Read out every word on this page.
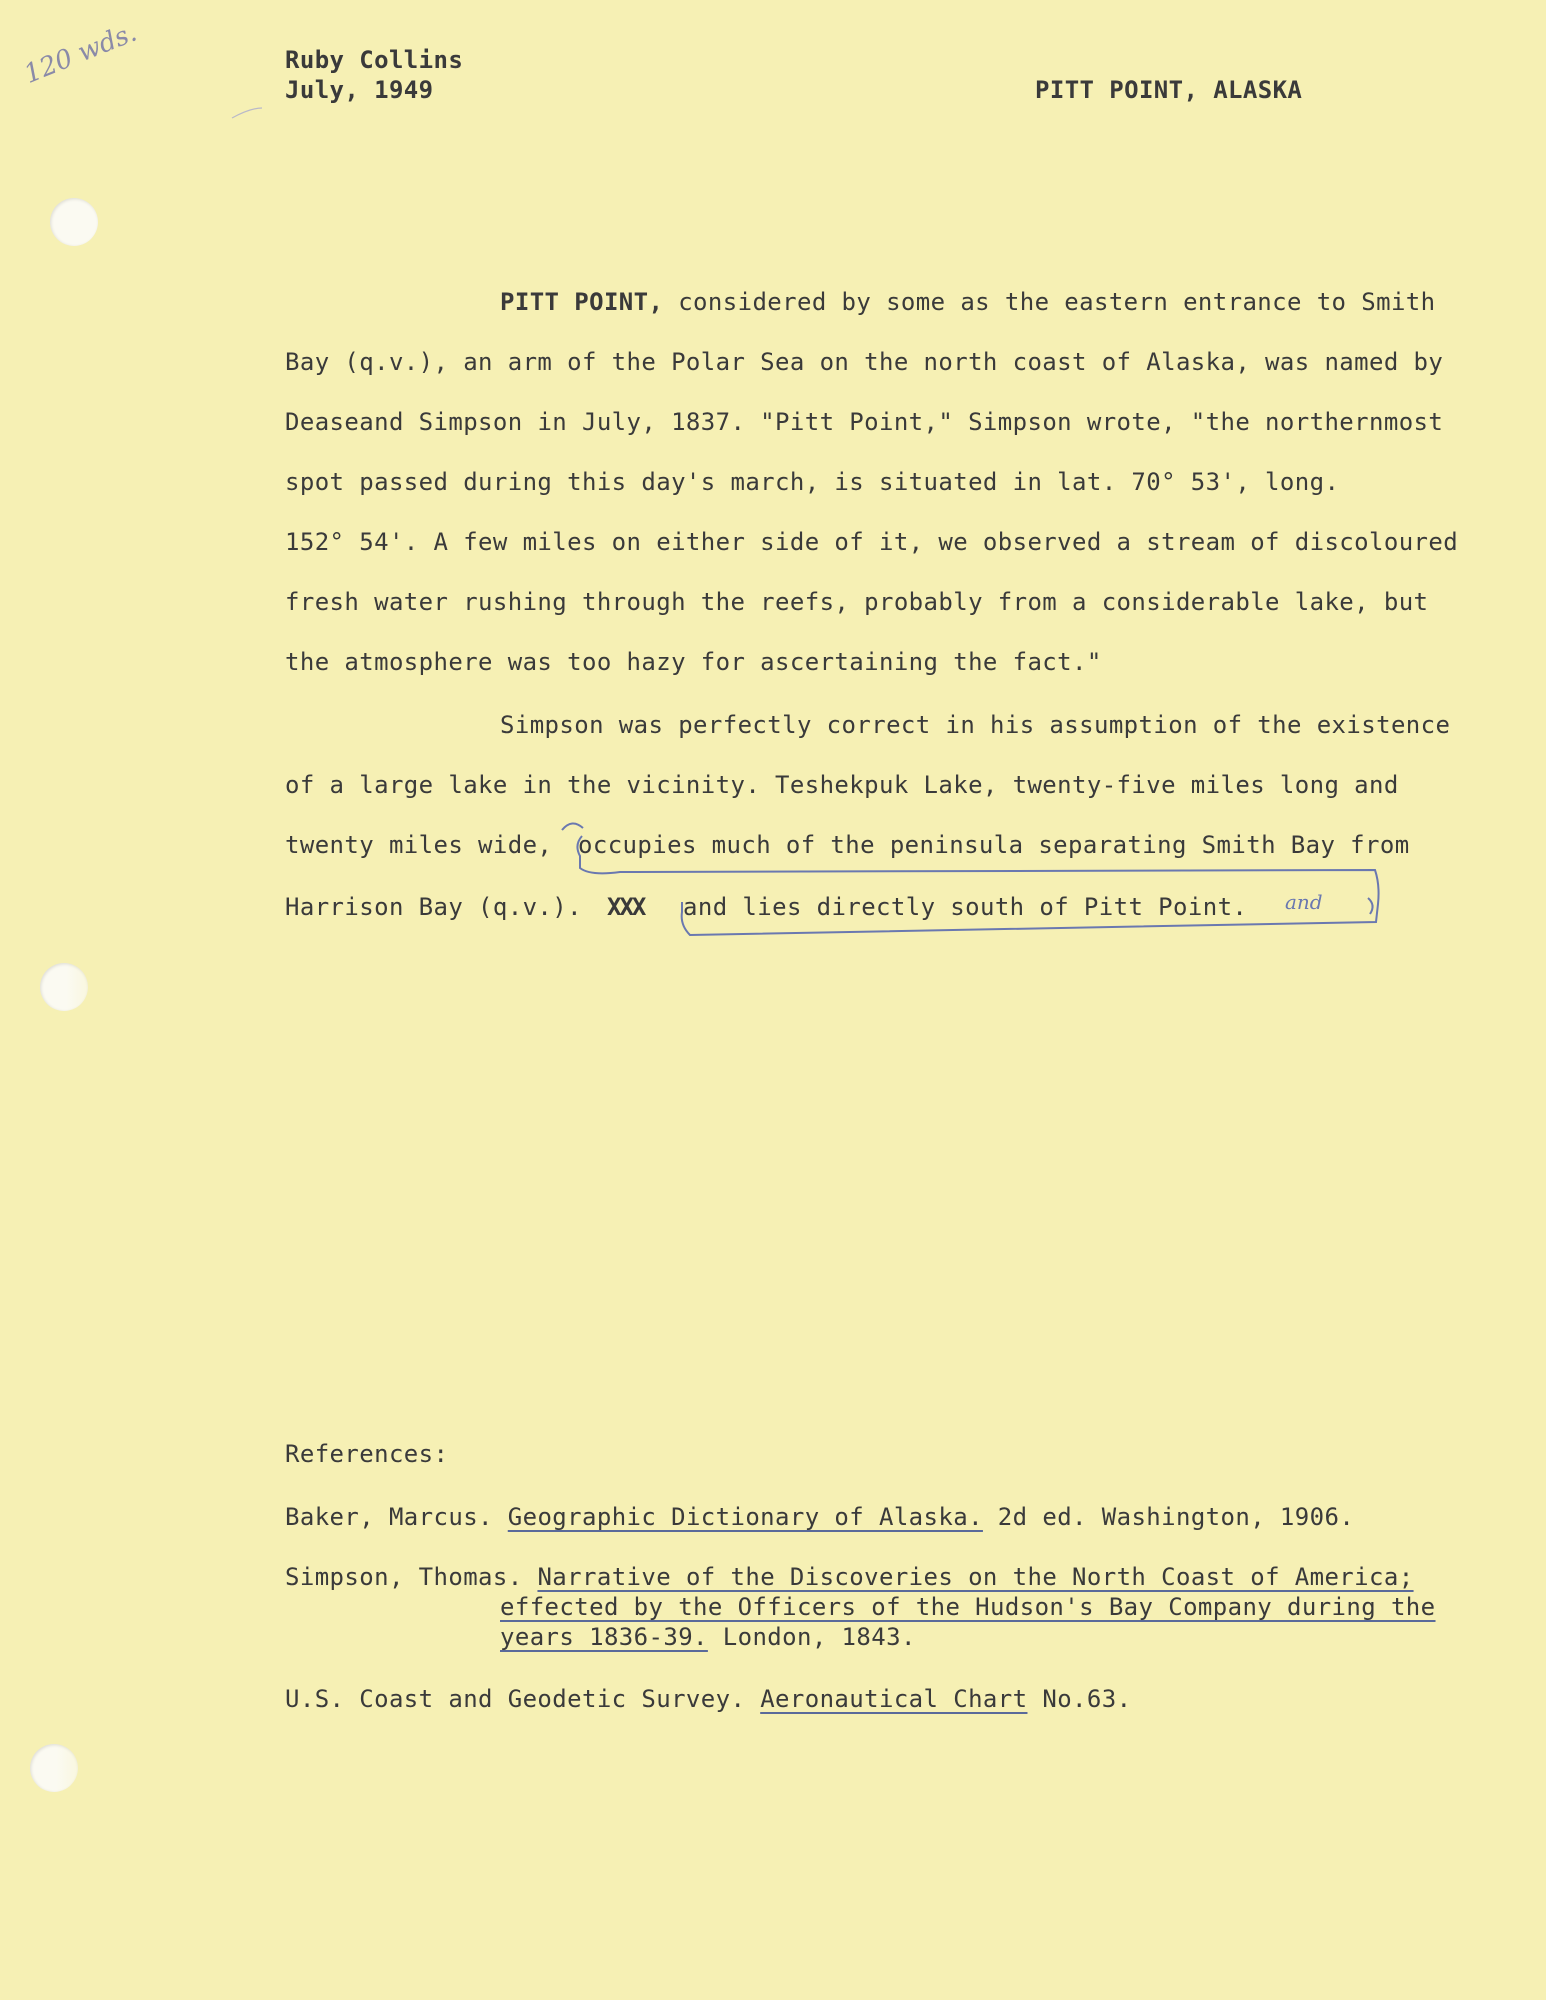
120 wds.	Ruby Collins
July, 1949	PITT POINT, ALASKA
PITT POINT, considered by some as the eastern entrance to Smith
Bay (q.v.), an arm of the Polar Sea on the north coast of Alaska, was named by
Deaseand Simpson in July, 1837. "Pitt Point," Simpson wrote, "the northernmost
spot passed during this day's march, is situated in lat. 70° 53', long.
152° 54'. A few miles on either side of it, we observed a stream of discoloured
fresh water rushing through the reefs, probably from a considerable lake, but
the atmosphere was too hazy for ascertaining the fact."
Simpson was perfectly correct in his assumption of the existence
of a large lake in the vicinity. Teshekpuk Lake, twenty-five miles long and
twenty miles wide, occupies much of the peninsula separating Smith Bay from
Harrison Bay (q.v.). XXX and lies directly south of Pitt Point. and
References:
Baker, Marcus. Geographic Dictionary of Alaska. 2d ed. Washington, 1906.
Simpson, Thomas. Narrative of the Discoveries on the North Coast of America;
effected by the Officers of the Hudson's Bay Company during the
years 1836-39. London, 1843.
U.S. Coast and Geodetic Survey. Aeronautical Chart No.63.
